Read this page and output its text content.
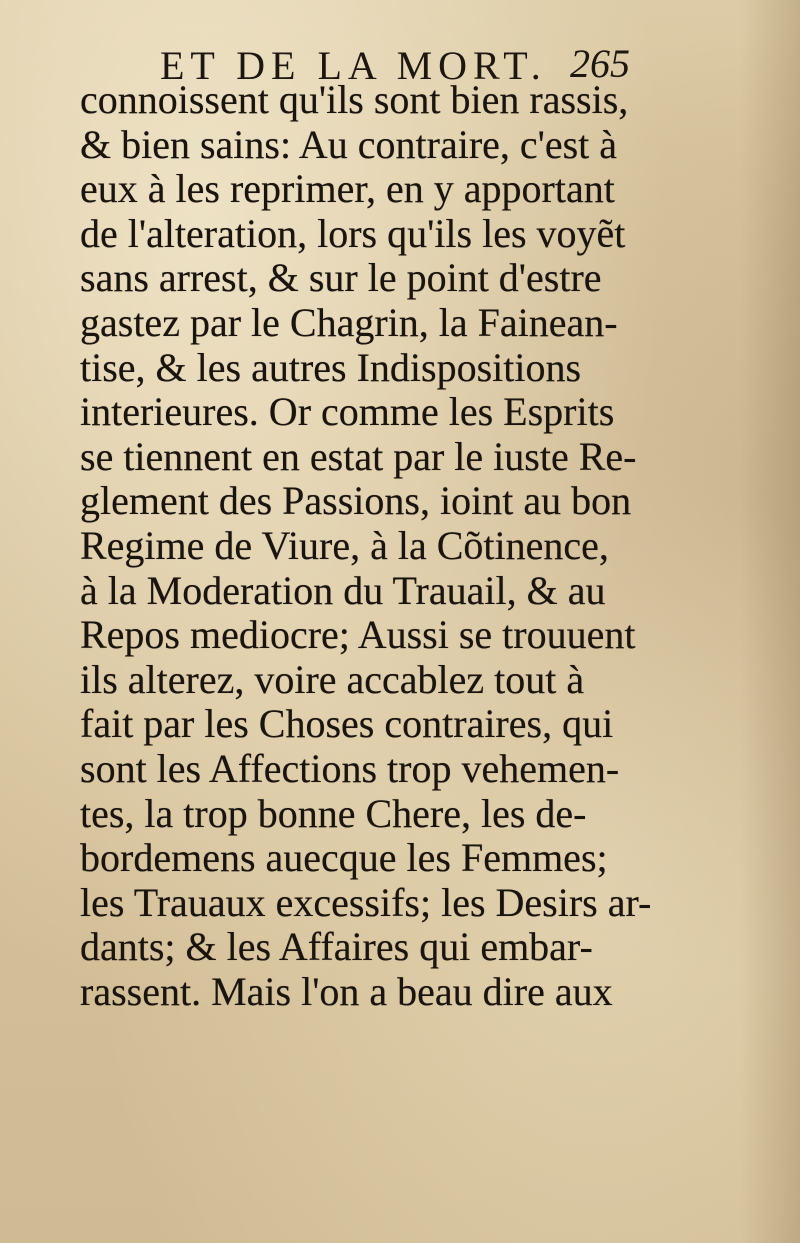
ET DE LA MORT. 265
connoissent qu'ils sont bien rassis,
& bien sains: Au contraire, c'est à
eux à les reprimer, en y apportant
de l'alteration, lors qu'ils les voyẽt
sans arrest, & sur le point d'estre
gastez par le Chagrin, la Fainean-
tise, & les autres Indispositions
interieures. Or comme les Esprits
se tiennent en estat par le iuste Re-
glement des Passions, ioint au bon
Regime de Viure, à la Cõtinence,
à la Moderation du Trauail, & au
Repos mediocre; Aussi se trouuent
ils alterez, voire accablez tout à
fait par les Choses contraires, qui
sont les Affections trop vehemen-
tes, la trop bonne Chere, les de-
bordemens auecque les Femmes;
les Trauaux excessifs; les Desirs ar-
dants; & les Affaires qui embar-
rassent. Mais l'on a beau dire aux
